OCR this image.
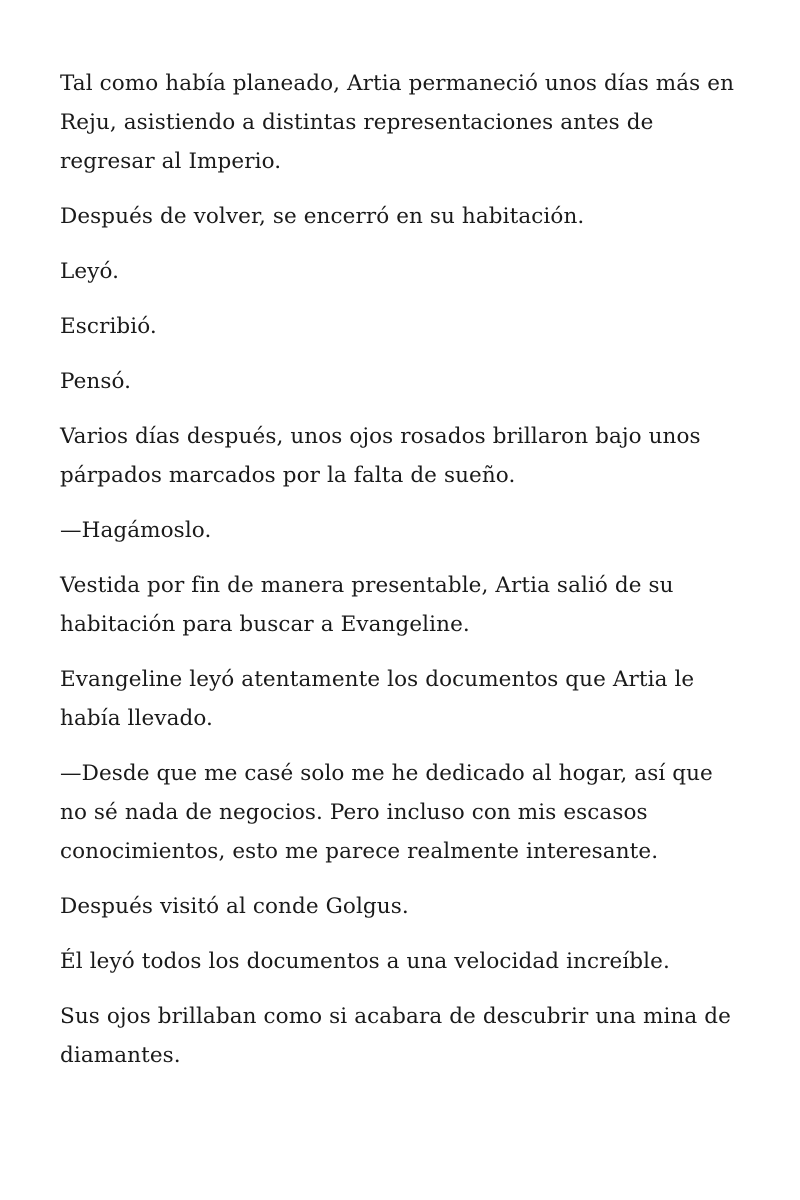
Tal como había planeado, Artia permaneció unos días más en Reju, asistiendo a distintas representaciones antes de regresar al Imperio.

Después de volver, se encerró en su habitación.

Leyó.

Escribió.

Pensó.

Varios días después, unos ojos rosados brillaron bajo unos párpados marcados por la falta de sueño.

—Hagámoslo.

Vestida por fin de manera presentable, Artia salió de su habitación para buscar a Evangeline.

Evangeline leyó atentamente los documentos que Artia le había llevado.

—Desde que me casé solo me he dedicado al hogar, así que no sé nada de negocios. Pero incluso con mis escasos conocimientos, esto me parece realmente interesante.

Después visitó al conde Golgus.

Él leyó todos los documentos a una velocidad increíble.

Sus ojos brillaban como si acabara de descubrir una mina de diamantes.
